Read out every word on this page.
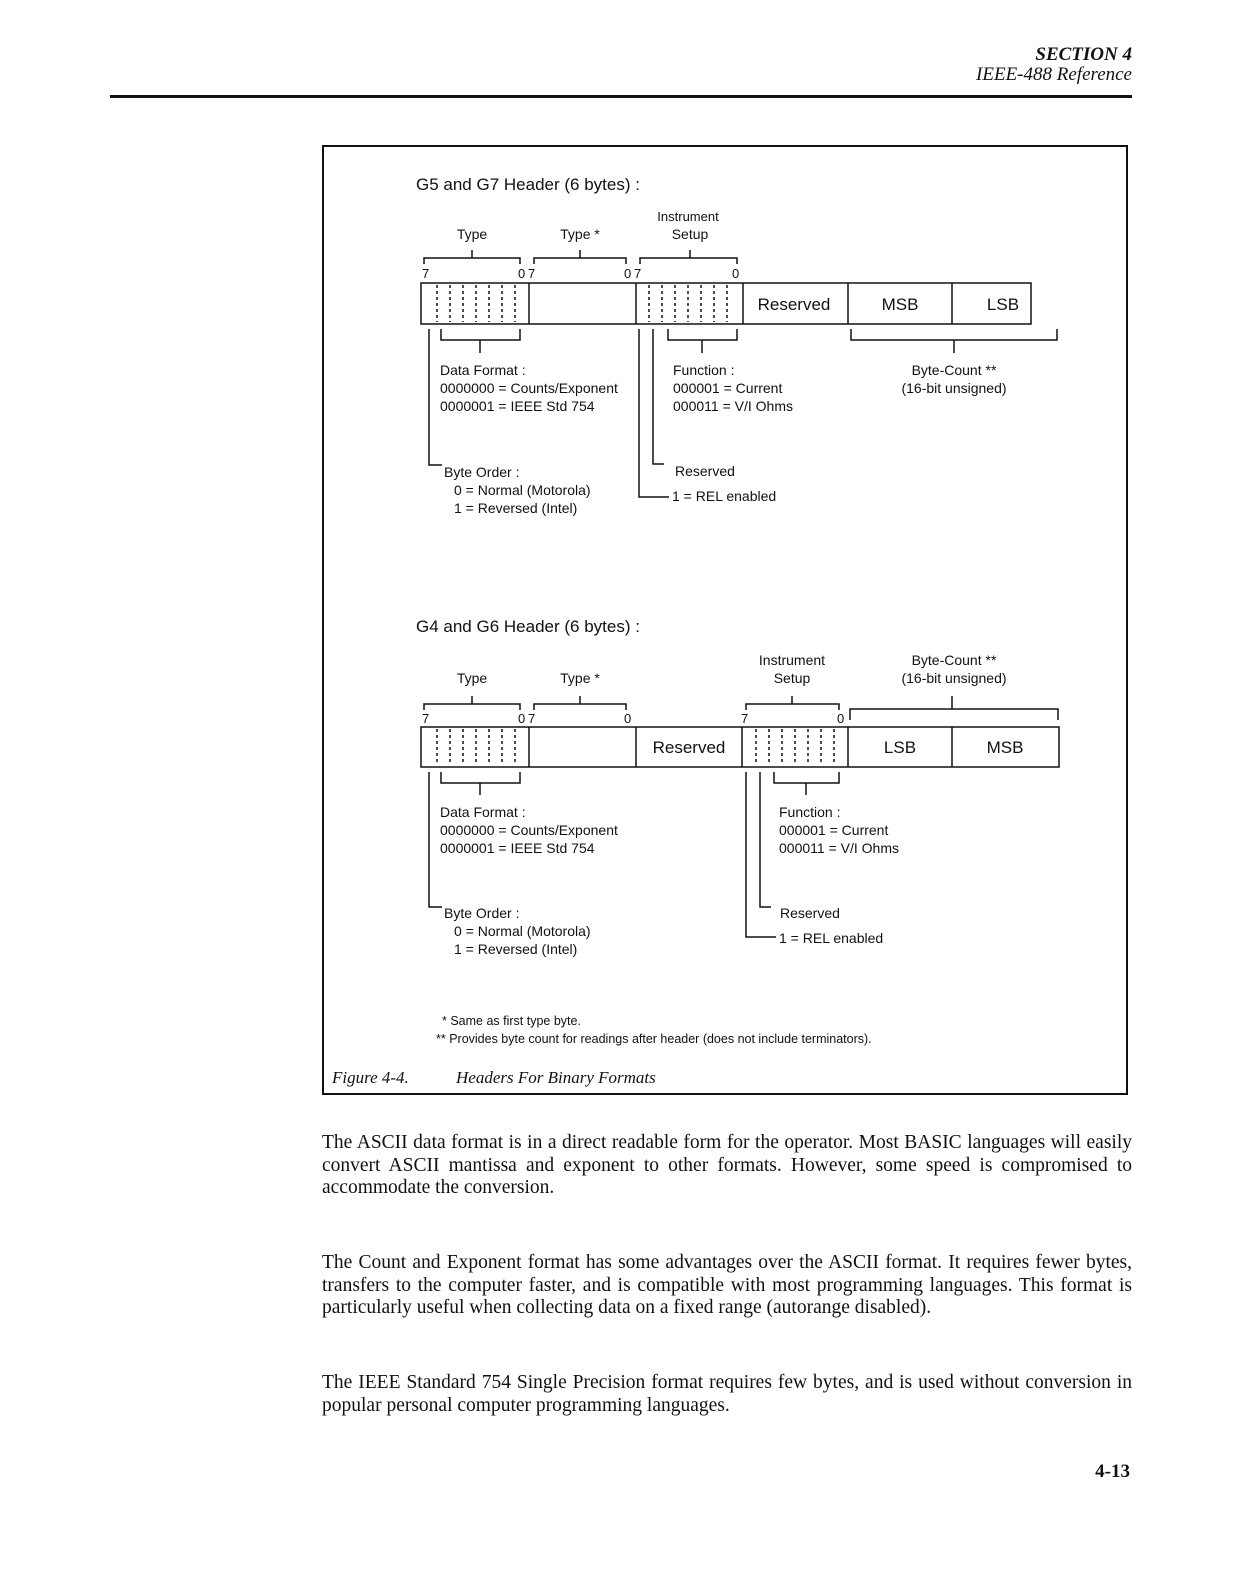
SECTION 4
IEEE-488 Reference
G5 and G7 Header (6 bytes) :
Instrument
Type	Type *	Setup
7	0 7	0 7	0
Reserved	MSB	LSB
Data Format :
0000000 = Counts/Exponent
0000001 = IEEE Std 754
Function :
000001 = Current
000011 = V/I Ohms
Byte-Count **
(16-bit unsigned)
Byte Order :
0 = Normal (Motorola)
1 = Reversed (Intel)
Reserved
1 = REL enabled
G4 and G6 Header (6 bytes) :
Instrument	Byte-Count **
Type	Type *	Setup	(16-bit unsigned)
7	0 7	0	7	0
Reserved	LSB	MSB
Data Format :
0000000 = Counts/Exponent
0000001 = IEEE Std 754
Function :
000001 = Current
000011 = V/I Ohms
Byte Order :
0 = Normal (Motorola)
1 = Reversed (Intel)
Reserved
1 = REL enabled
* Same as first type byte.
** Provides byte count for readings after header (does not include terminators).
Figure 4-4.	Headers For Binary Formats

The ASCII data format is in a direct readable form for the operator. Most BASIC languages will easily convert ASCII mantissa and exponent to other formats. However, some speed is compromised to accommodate the conversion.

The Count and Exponent format has some advantages over the ASCII format. It requires fewer bytes, transfers to the computer faster, and is compatible with most programming languages. This format is particularly useful when collecting data on a fixed range (autorange disabled).

The IEEE Standard 754 Single Precision format requires few bytes, and is used without conversion in popular personal computer programming languages.

4-13
